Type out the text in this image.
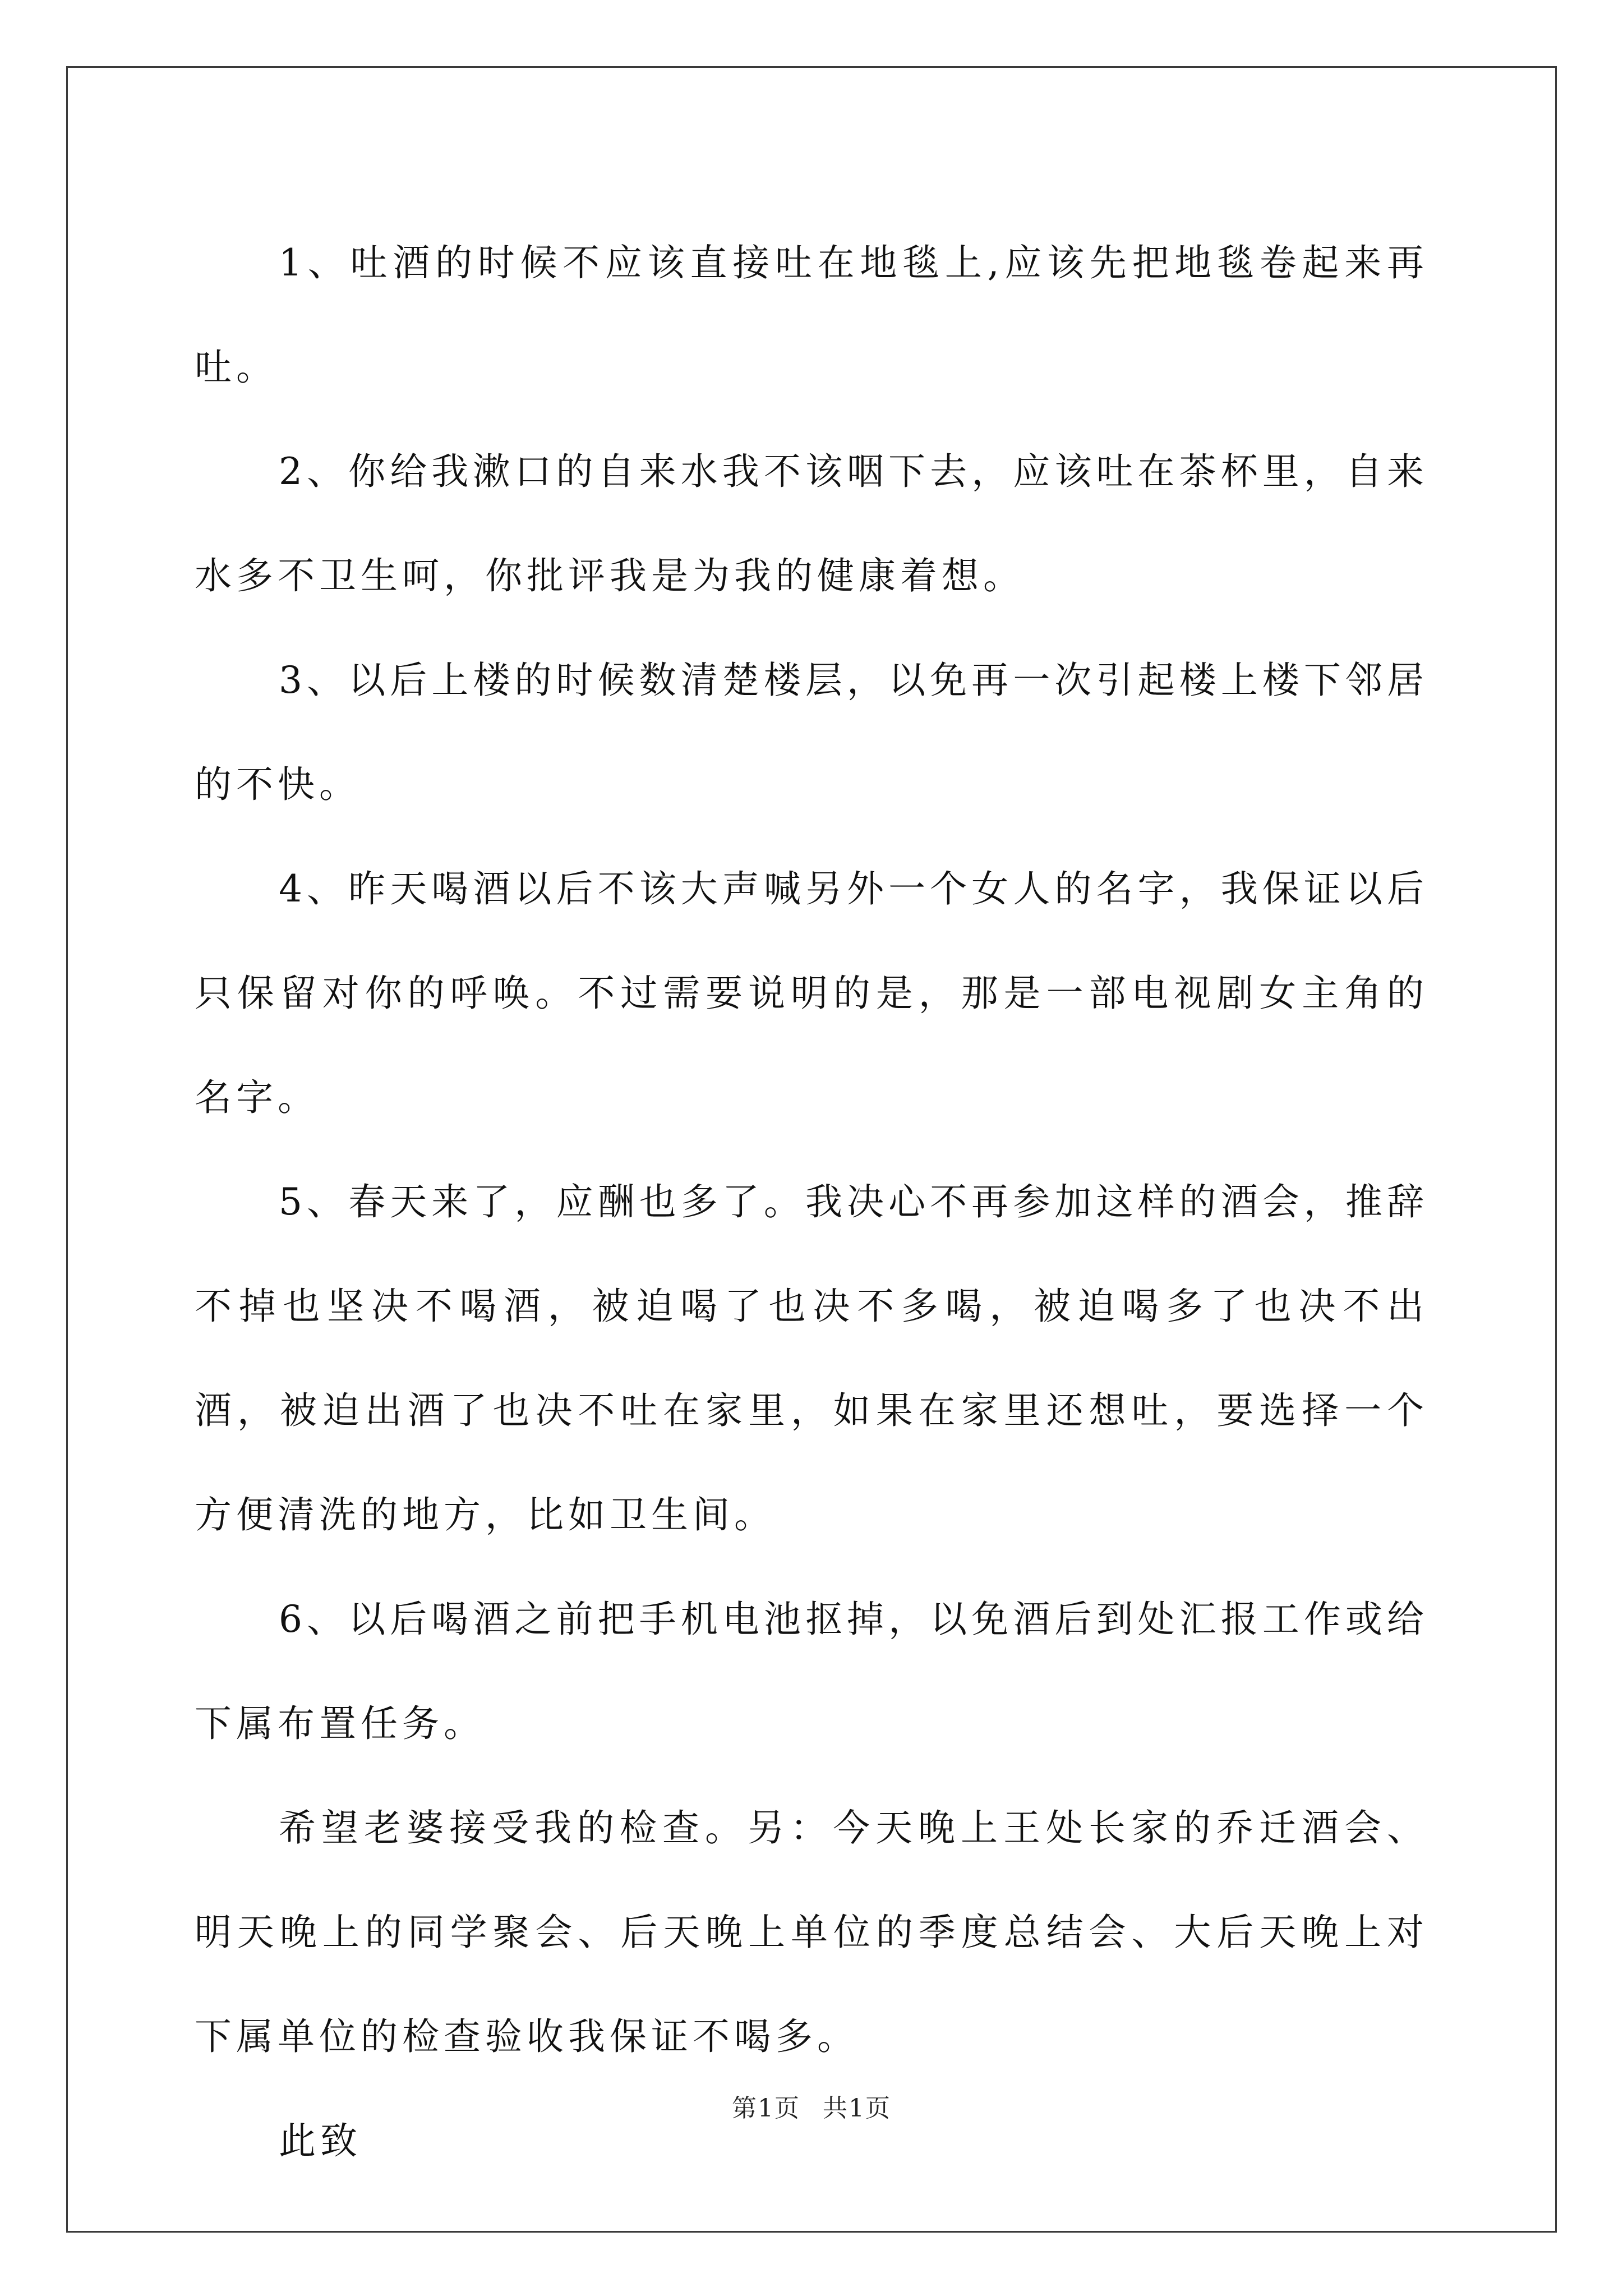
1、吐酒的时候不应该直接吐在地毯上,应该先把地毯卷起来再吐。

2、你给我漱口的自来水我不该咽下去，应该吐在茶杯里，自来水多不卫生呵，你批评我是为我的健康着想。

3、以后上楼的时候数清楚楼层，以免再一次引起楼上楼下邻居的不快。

4、昨天喝酒以后不该大声喊另外一个女人的名字，我保证以后只保留对你的呼唤。不过需要说明的是，那是一部电视剧女主角的名字。

5、春天来了，应酬也多了。我决心不再参加这样的酒会，推辞不掉也坚决不喝酒，被迫喝了也决不多喝，被迫喝多了也决不出酒，被迫出酒了也决不吐在家里，如果在家里还想吐，要选择一个方便清洗的地方，比如卫生间。

6、以后喝酒之前把手机电池抠掉，以免酒后到处汇报工作或给下属布置任务。

希望老婆接受我的检查。另：今天晚上王处长家的乔迁酒会、明天晚上的同学聚会、后天晚上单位的季度总结会、大后天晚上对下属单位的检查验收我保证不喝多。

此致

第1页 共1页
